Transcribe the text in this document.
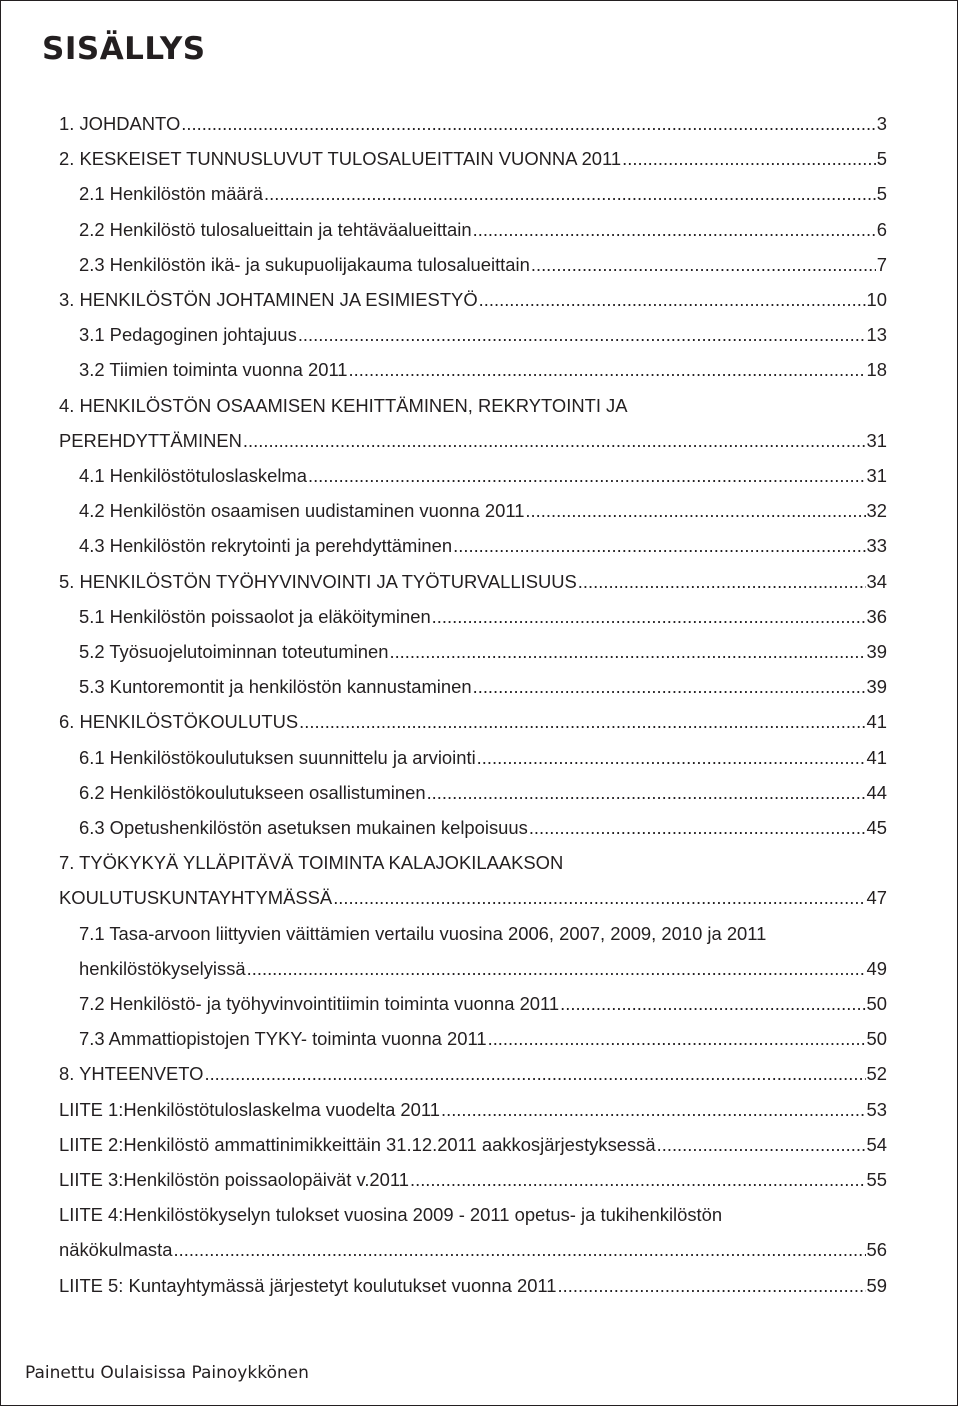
SISÄLLYS
1. JOHDANTO .....	3
2. KESKEISET TUNNUSLUVUT TULOSALUEITTAIN VUONNA 2011 .....	5
2.1 Henkilöstön määrä .....	5
2.2 Henkilöstö tulosalueittain ja tehtäväalueittain .....	6
2.3 Henkilöstön ikä- ja sukupuolijakauma tulosalueittain .....	7
3. HENKILÖSTÖN JOHTAMINEN JA ESIMIESTYÖ .....	10
3.1 Pedagoginen johtajuus .....	13
3.2 Tiimien toiminta vuonna 2011 .....	18
4. HENKILÖSTÖN OSAAMISEN KEHITTÄMINEN, REKRYTOINTI JA
PEREHDYTTÄMINEN .....	31
4.1 Henkilöstötuloslaskelma .....	31
4.2 Henkilöstön osaamisen uudistaminen vuonna 2011 .....	32
4.3 Henkilöstön rekrytointi ja perehdyttäminen .....	33
5. HENKILÖSTÖN TYÖHYVINVOINTI JA TYÖTURVALLISUUS .....	34
5.1 Henkilöstön poissaolot ja eläköityminen .....	36
5.2 Työsuojelutoiminnan toteutuminen .....	39
5.3 Kuntoremontit ja henkilöstön kannustaminen .....	39
6. HENKILÖSTÖKOULUTUS .....	41
6.1 Henkilöstökoulutuksen suunnittelu ja arviointi .....	41
6.2 Henkilöstökoulutukseen osallistuminen .....	44
6.3 Opetushenkilöstön asetuksen mukainen kelpoisuus .....	45
7. TYÖKYKYÄ YLLÄPITÄVÄ TOIMINTA KALAJOKILAAKSON
KOULUTUSKUNTAYHTYMÄSSÄ .....	47
7.1 Tasa-arvoon liittyvien väittämien vertailu vuosina 2006, 2007, 2009, 2010 ja 2011
henkilöstökyselyissä .....	49
7.2 Henkilöstö- ja työhyvinvointitiimin toiminta vuonna 2011 .....	50
7.3 Ammattiopistojen TYKY- toiminta vuonna 2011 .....	50
8. YHTEENVETO .....	52
LIITE 1:Henkilöstötuloslaskelma vuodelta 2011 .....	53
LIITE 2:Henkilöstö ammattinimikkeittäin 31.12.2011 aakkosjärjestyksessä .....	54
LIITE 3:Henkilöstön poissaolopäivät v.2011 .....	55
LIITE 4:Henkilöstökyselyn tulokset vuosina 2009 - 2011 opetus- ja tukihenkilöstön
näkökulmasta .....	56
LIITE 5: Kuntayhtymässä järjestetyt koulutukset vuonna 2011 .....	59
Painettu Oulaisissa Painoykkönen
